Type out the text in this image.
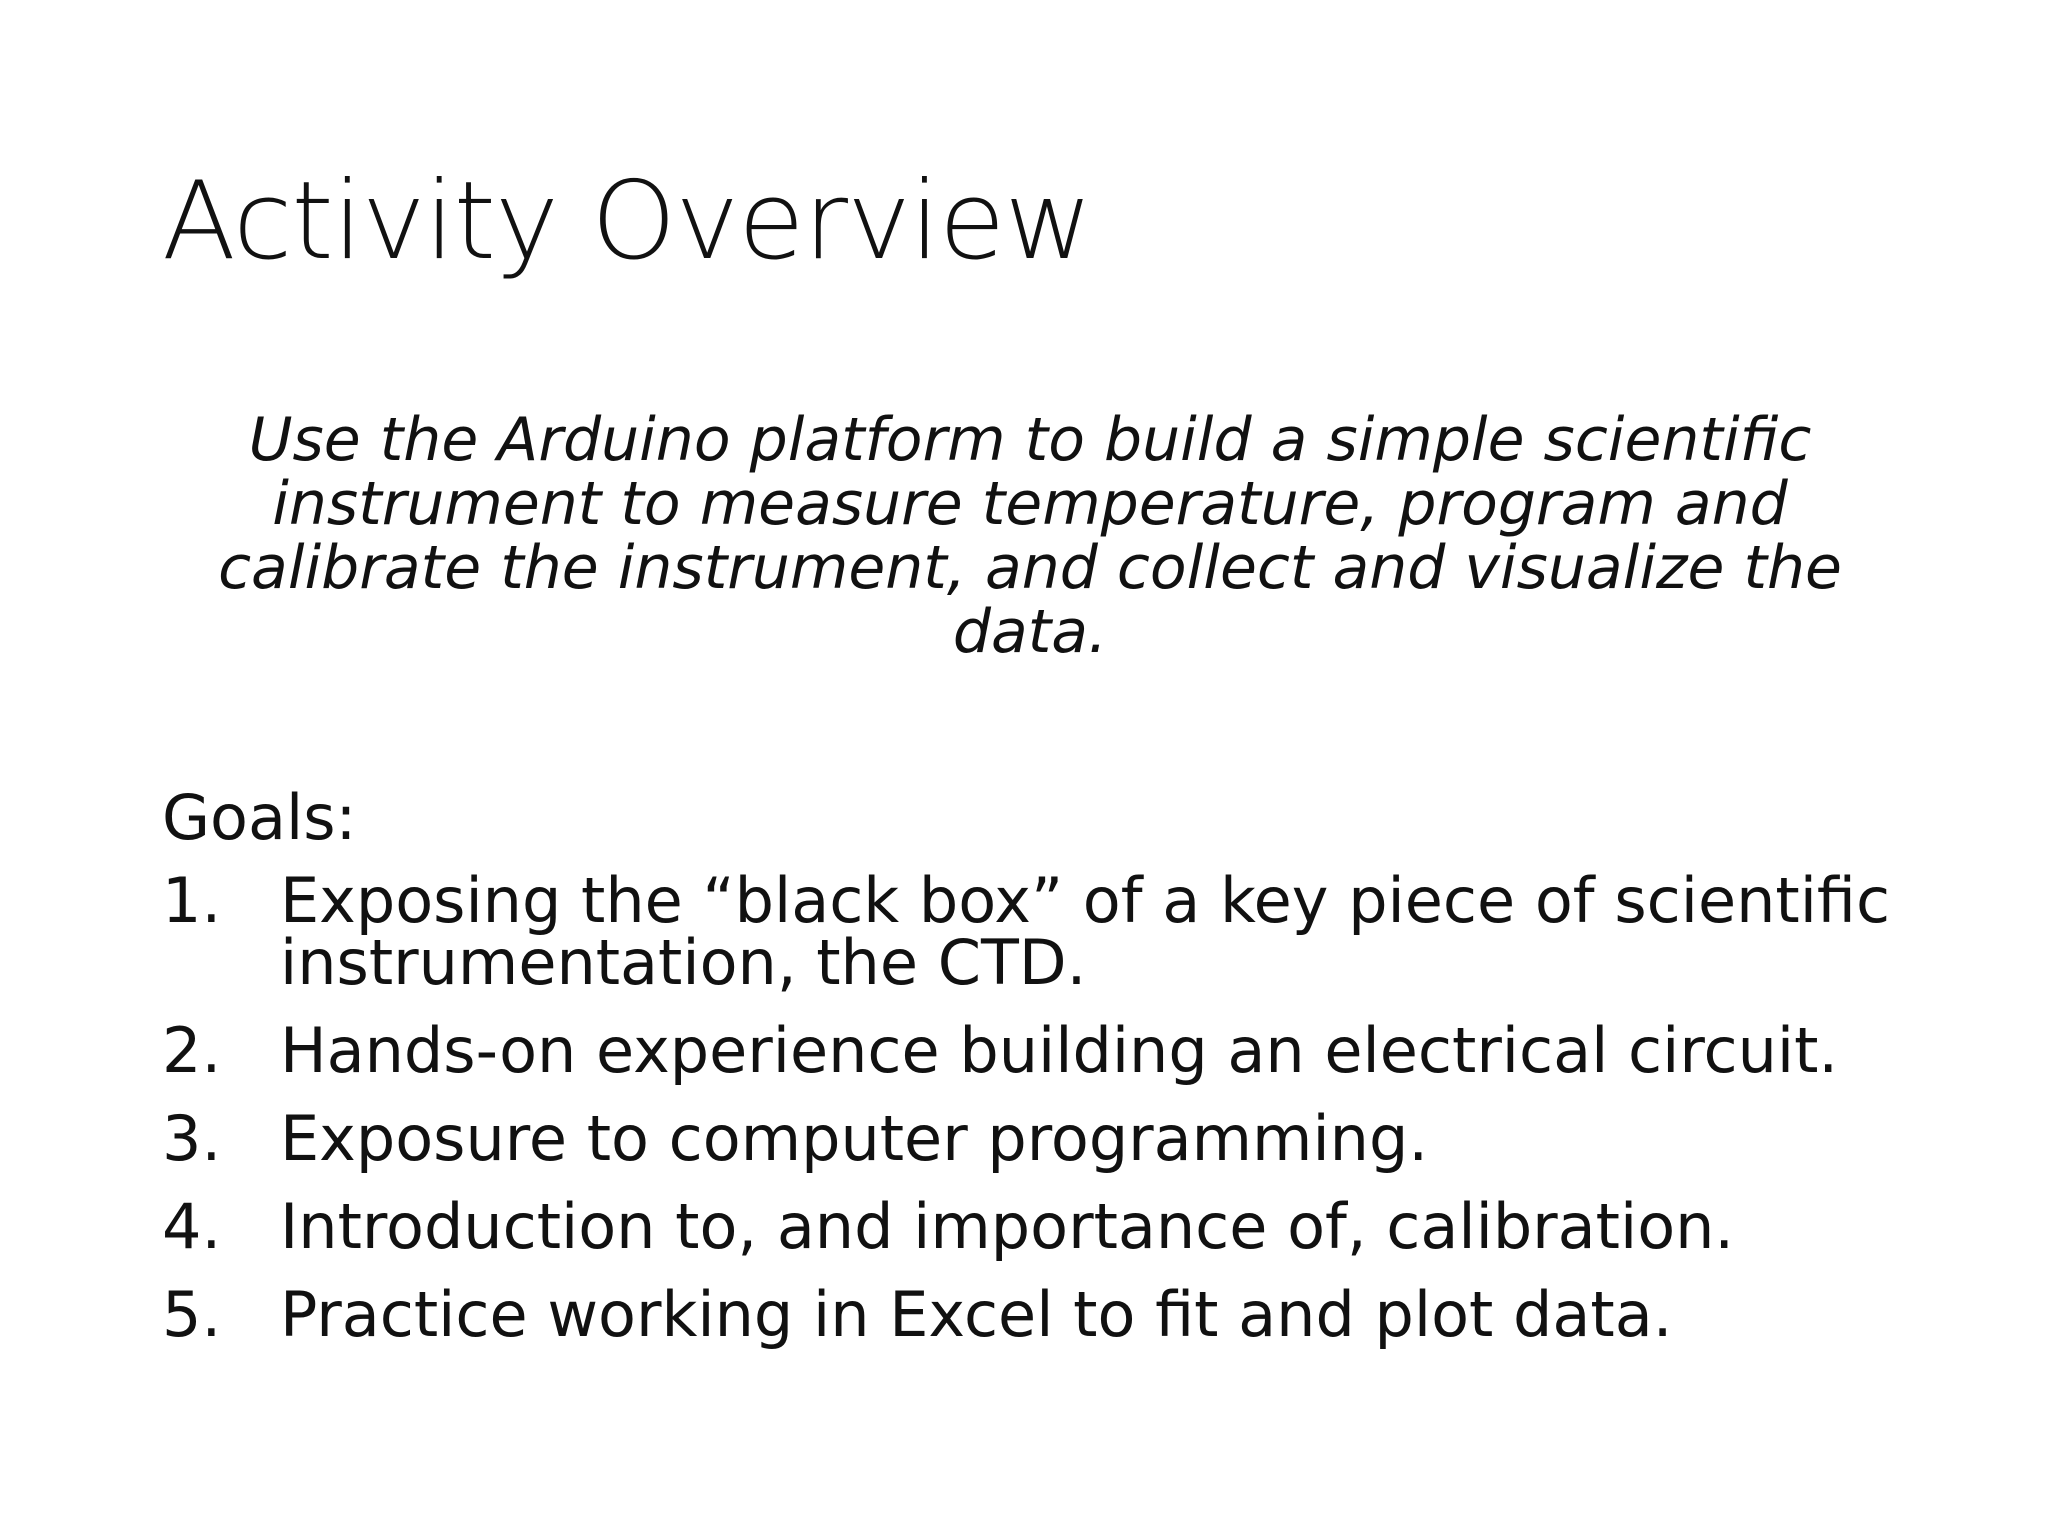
Activity Overview

Use the Arduino platform to build a simple scientific instrument to measure temperature, program and calibrate the instrument, and collect and visualize the data.

Goals:
1. Exposing the “black box” of a key piece of scientific instrumentation, the CTD.
2. Hands-on experience building an electrical circuit.
3. Exposure to computer programming.
4. Introduction to, and importance of, calibration.
5. Practice working in Excel to fit and plot data.
